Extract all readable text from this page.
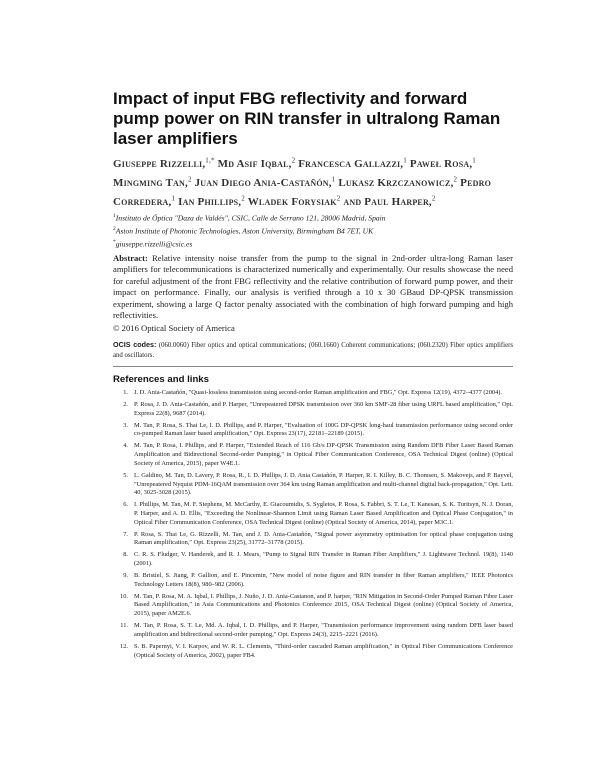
Impact of input FBG reflectivity and forward pump power on RIN transfer in ultralong Raman laser amplifiers
Giuseppe Rizzelli,$^{1,*}$ Md Asif Iqbal,$^2$ Francesca Gallazzi,$^1$ Paweł Rosa,$^1$ Mingming Tan,$^2$ Juan Diego Ania-Castañón,$^1$ Lukasz Krzczanowicz,$^2$ Pedro Corredera,$^1$ Ian Phillips,$^2$ Wladek Forysiak$^2$ and Paul Harper,$^2$
$^1$Instituto de Óptica "Daza de Valdés", CSIC, Calle de Serrano 121, 28006 Madrid, Spain
$^2$Aston Institute of Photonic Technologies, Aston University, Birmingham B4 7ET, UK
*giuseppe.rizzelli@csic.es

Abstract: Relative intensity noise transfer from the pump to the signal in 2nd-order ultra-long Raman laser amplifiers for telecommunications is characterized numerically and experimentally. Our results showcase the need for careful adjustment of the front FBG reflectivity and the relative contribution of forward pump power, and their impact on performance. Finally, our analysis is verified through a 10 x 30 GBaud DP-QPSK transmission experiment, showing a large Q factor penalty associated with the combination of high forward pumping and high reflectivities.

© 2016 Optical Society of America
OCIS codes: (060.0060) Fiber optics and optical communications; (060.1660) Coherent communications; (060.2320) Fiber optics amplifiers and oscillators.
References and links
1. J. D. Ania-Castañón, "Quasi-lossless transmission using second-order Raman amplification and FBG," Opt. Express 12(19), 4372–4377 (2004).
2. P. Rosa, J. D. Ania-Castañón, and P. Harper, "Unrepeatered DPSK transmission over 360 km SMF-28 fiber using URFL based amplification," Opt. Express 22(8), 9687 (2014).
3. M. Tan, P. Rosa, S. Thai Le, I. D. Phillips, and P. Harper, "Evaluation of 100G DP-QPSK long-haul transmission performance using second order co-pumped Raman laser based amplification," Opt. Express 23(17), 22181–22189 (2015).
4. M. Tan, P. Rosa, I. Phillips, and P. Harper, "Extended Reach of 116 Gb/s DP-QPSK Transmission using Random DFB Fiber Laser Based Raman Amplification and Bidirectional Second-order Pumping," in Optical Fiber Communication Conference, OSA Technical Digest (online) (Optical Society of America, 2015), paper W4E.1.
5. L. Galdino, M. Tan, D. Lavery, P. Rosa, R., I. D. Phillips, J. D. Ania Castañón, P. Harper, R. I. Killey, B. C. Thomsen, S. Makovejs, and P. Bayvel, "Unrepeatered Nyquist PDM-16QAM transmission over 364 km using Raman amplification and multi-channel digital back-propagation," Opt. Lett. 40, 3025-3028 (2015).
6. I. Phillips, M. Tan, M. F. Stephens, M. McCarthy, E. Giacoumidis, S. Sygletos, P. Rosa, S. Fabbri, S. T. Le, T. Kanesan, S. K. Turitsyn, N. J. Doran, P. Harper, and A. D. Ellis, "Exceeding the Nonlinear-Shannon Limit using Raman Laser Based Amplification and Optical Phase Conjugation," in Optical Fiber Communication Conference, OSA Technical Digest (online) (Optical Society of America, 2014), paper M3C.1.
7. P. Rosa, S. Thai Le, G. Rizzelli, M. Tan, and J. D. Ania-Castañón, "Signal power asymmetry optimisation for optical phase conjugation using Raman amplification," Opt. Express 23(25), 31772–31778 (2015).
8. C. R. S. Fludger, V. Handerek, and R. J. Mears, "Pump to Signal RIN Transfer in Raman Fiber Amplifiers," J. Lightwave Technol. 19(8), 1140 (2001).
9. B. Bristiel, S. Jiang, P. Gallion, and E. Pincemin, "New model of noise figure and RIN transfer in fiber Raman amplifiers," IEEE Photonics Technology Letters 18(8), 980–982 (2006).
10. M. Tan, P. Rosa, M. A. Iqbal, I. Phillips, J. Nuño, J. D. Ania-Castanon, and P. harper, "RIN Mitigation in Second-Order Pumped Raman Fibre Laser Based Amplification," in Asia Communications and Photonics Conference 2015, OSA Technical Digest (online) (Optical Society of America, 2015), paper AM2E.6.
11. M. Tan, P. Rosa, S. T. Le, Md. A. Iqbal, I. D. Phillips, and P. Harper, "Transmission performance improvement using random DFB laser based amplification and bidirectional second-order pumping," Opt. Express 24(3), 2215–2221 (2016).
12. S. B. Papernyi, V. I. Karpov, and W. R. L. Clements, "Third-order cascaded Raman amplification," in Optical Fiber Communications Conference (Optical Society of America, 2002), paper FB4.
